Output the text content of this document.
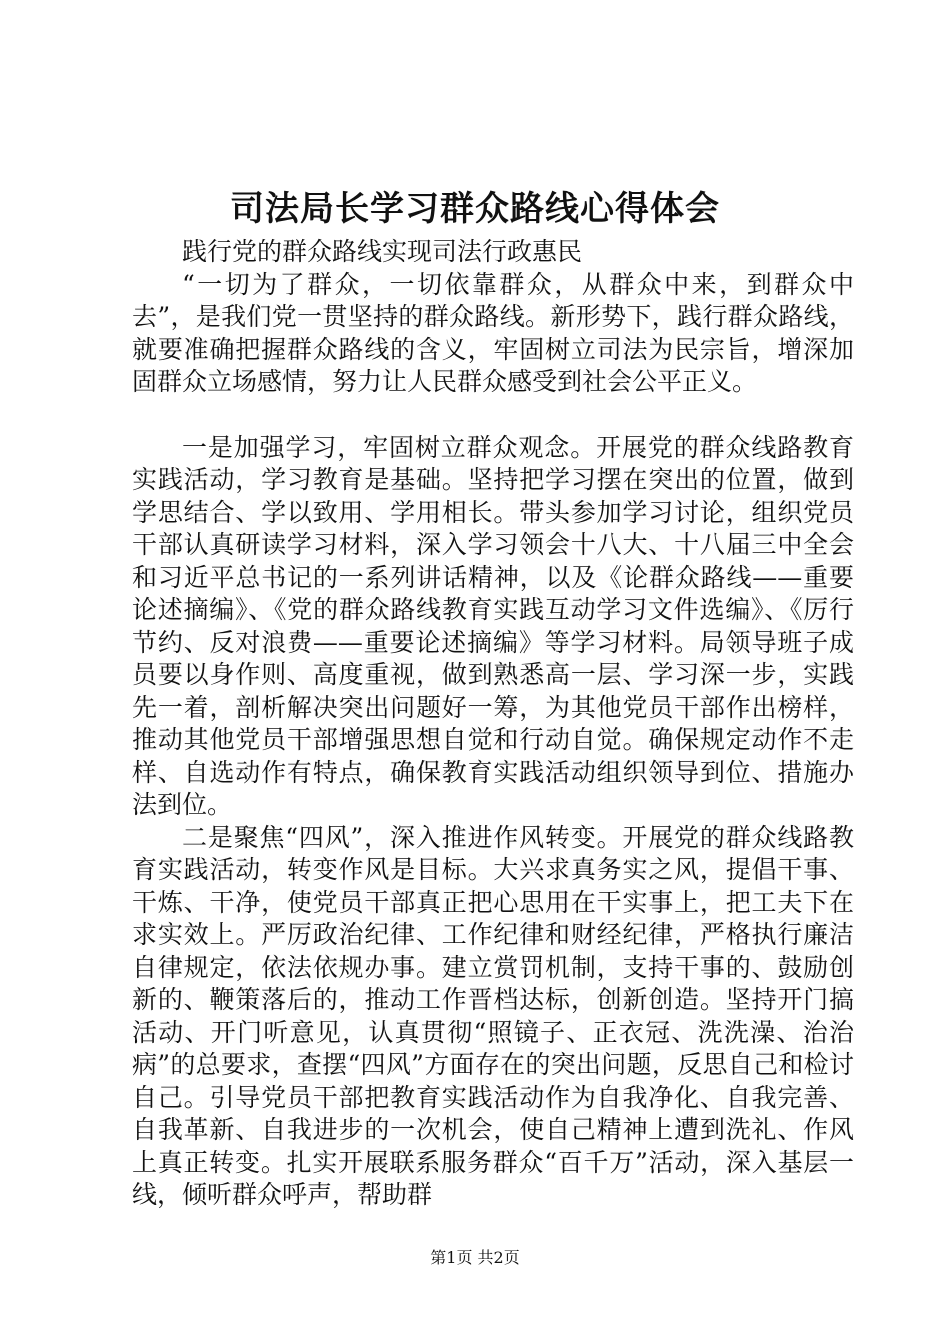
司法局长学习群众路线心得体会

践行党的群众路线实现司法行政惠民

“一切为了群众，一切依靠群众，从群众中来，到群众中去”，是我们党一贯坚持的群众路线。新形势下，践行群众路线，就要准确把握群众路线的含义，牢固树立司法为民宗旨，增深加固群众立场感情，努力让人民群众感受到社会公平正义。

一是加强学习，牢固树立群众观念。开展党的群众线路教育实践活动，学习教育是基础。坚持把学习摆在突出的位置，做到学思结合、学以致用、学用相长。带头参加学习讨论，组织党员干部认真研读学习材料，深入学习领会十八大、十八届三中全会和习近平总书记的一系列讲话精神，以及《论群众路线——重要论述摘编》、《党的群众路线教育实践互动学习文件选编》、《厉行节约、反对浪费——重要论述摘编》等学习材料。局领导班子成员要以身作则、高度重视，做到熟悉高一层、学习深一步，实践先一着，剖析解决突出问题好一筹，为其他党员干部作出榜样，推动其他党员干部增强思想自觉和行动自觉。确保规定动作不走样、自选动作有特点，确保教育实践活动组织领导到位、措施办法到位。

二是聚焦“四风”，深入推进作风转变。开展党的群众线路教育实践活动，转变作风是目标。大兴求真务实之风，提倡干事、干炼、干净，使党员干部真正把心思用在干实事上，把工夫下在求实效上。严厉政治纪律、工作纪律和财经纪律，严格执行廉洁自律规定，依法依规办事。建立赏罚机制，支持干事的、鼓励创新的、鞭策落后的，推动工作晋档达标，创新创造。坚持开门搞活动、开门听意见，认真贯彻“照镜子、正衣冠、洗洗澡、治治病”的总要求，查摆“四风”方面存在的突出问题，反思自己和检讨自己。引导党员干部把教育实践活动作为自我净化、自我完善、自我革新、自我进步的一次机会，使自己精神上遭到洗礼、作风上真正转变。扎实开展联系服务群众“百千万”活动，深入基层一线，倾听群众呼声，帮助群

第1页 共2页
